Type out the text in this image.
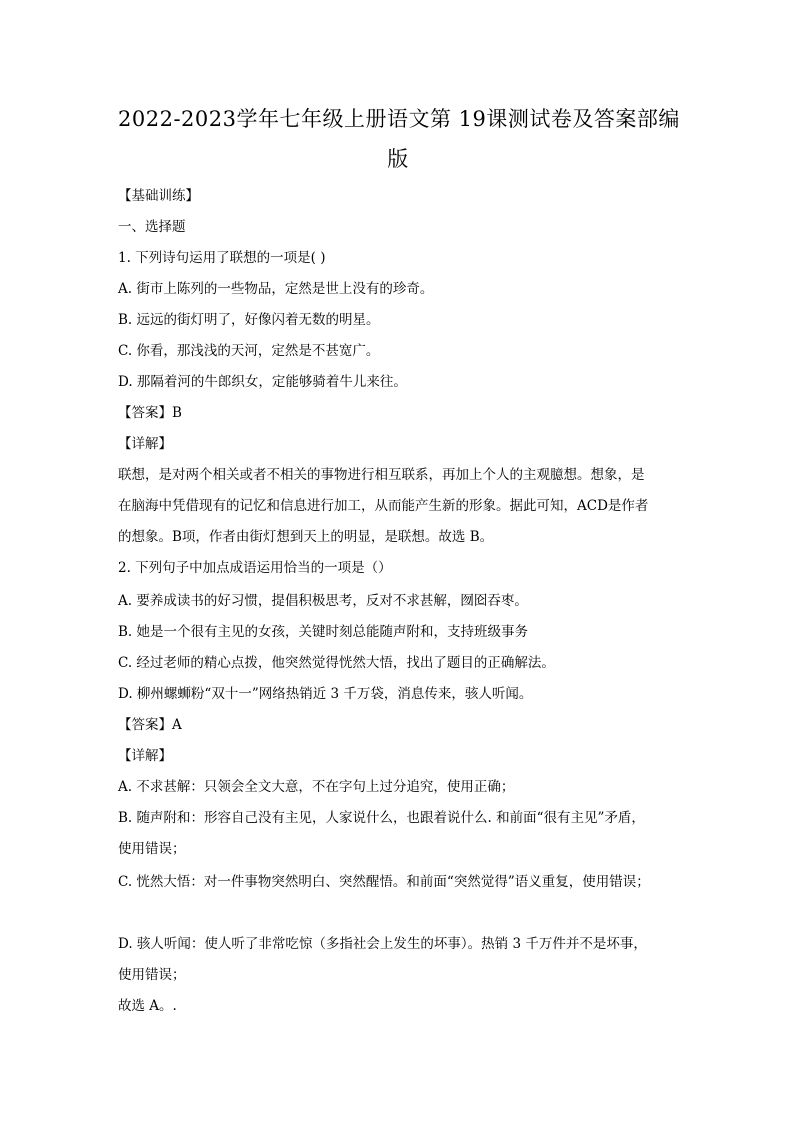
2022-2023学年七年级上册语文第 19课测试卷及答案部编
版
【基础训练】
一、选择题
1. 下列诗句运用了联想的一项是( )
A. 街市上陈列的一些物品，定然是世上没有的珍奇。
B. 远远的街灯明了，好像闪着无数的明星。
C. 你看，那浅浅的天河，定然是不甚宽广。
D. 那隔着河的牛郎织女，定能够骑着牛儿来往。
【答案】B
【详解】
联想，是对两个相关或者不相关的事物进行相互联系，再加上个人的主观臆想。想象，是
在脑海中凭借现有的记忆和信息进行加工，从而能产生新的形象。据此可知，ACD是作者
的想象。B项，作者由街灯想到天上的明显，是联想。故选 B。
2. 下列句子中加点成语运用恰当的一项是（）
A. 要养成读书的好习惯，提倡积极思考，反对不求甚解，囫囵吞枣。
B. 她是一个很有主见的女孩，关键时刻总能随声附和，支持班级事务
C. 经过老师的精心点拨，他突然觉得恍然大悟，找出了题目的正确解法。
D. 柳州螺蛳粉“双十一”网络热销近 3 千万袋，消息传来，骇人听闻。
【答案】A
【详解】
A. 不求甚解：只领会全文大意，不在字句上过分追究，使用正确；
B. 随声附和：形容自己没有主见，人家说什么，也跟着说什么. 和前面“很有主见”矛盾，
使用错误；
C. 恍然大悟：对一件事物突然明白、突然醒悟。和前面“突然觉得”语义重复，使用错误；
D. 骇人听闻：使人听了非常吃惊（多指社会上发生的坏事）。热销 3 千万件并不是坏事，
使用错误；
故选 A。.
